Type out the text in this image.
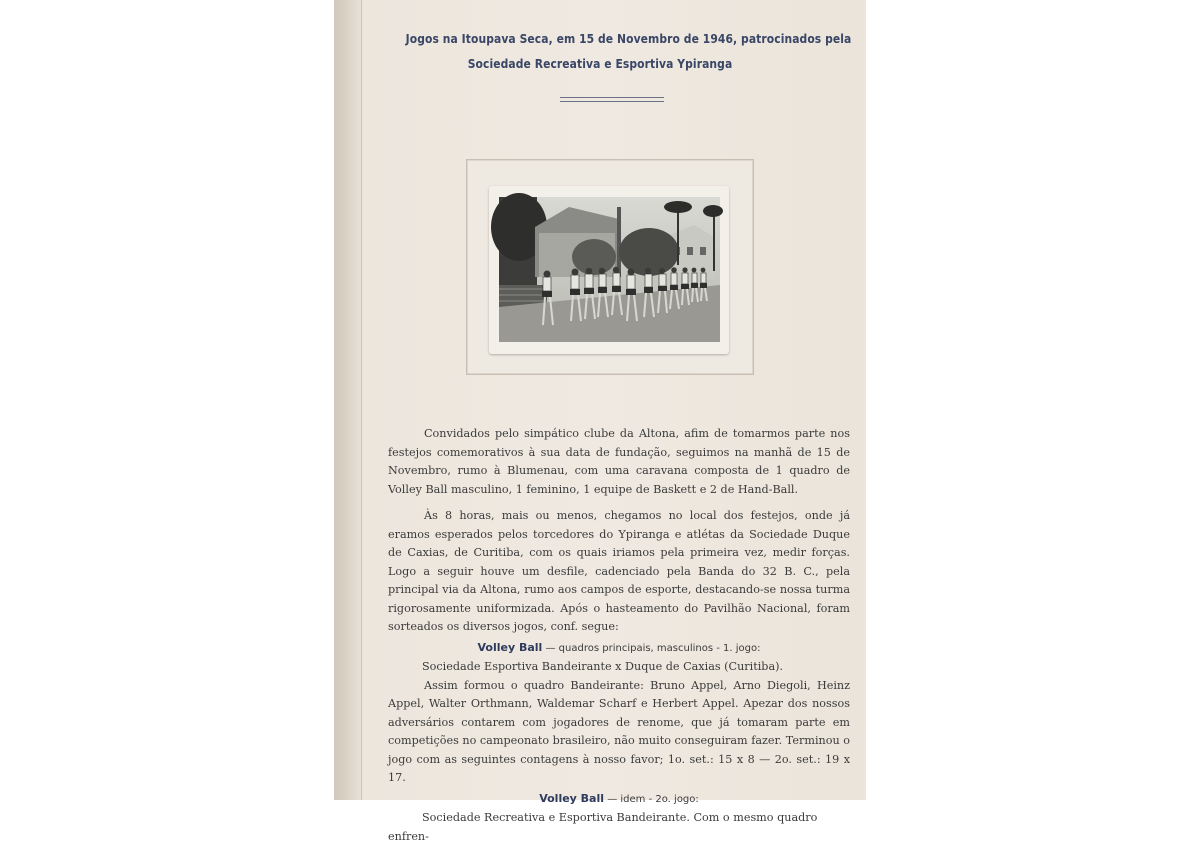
Jogos na Itoupava Seca, em 15 de Novembro de 1946, patrocinados pela
Sociedade Recreativa e Esportiva Ypiranga

Convidados pelo simpático clube da Altona, afim de tomarmos parte nos festejos comemorativos à sua data de fundação, seguimos na manhã de 15 de Novembro, rumo à Blumenau, com uma caravana composta de 1 quadro de Volley Ball masculino, 1 feminino, 1 equipe de Baskett e 2 de Hand-Ball.

Às 8 horas, mais ou menos, chegamos no local dos festejos, onde já eramos esperados pelos torcedores do Ypiranga e atlétas da Sociedade Duque de Caxias, de Curitiba, com os quais iriamos pela primeira vez, medir forças. Logo a seguir houve um desfile, cadenciado pela Banda do 32 B. C., pela principal via da Altona, rumo aos campos de esporte, destacando-se nossa turma rigorosamente uniformizada. Após o hasteamento do Pavilhão Nacional, foram sorteados os diversos jogos, conf. segue:

Volley Ball — quadros principais, masculinos - 1. jogo:

Sociedade Esportiva Bandeirante x Duque de Caxias (Curitiba).

Assim formou o quadro Bandeirante: Bruno Appel, Arno Diegoli, Heinz Appel, Walter Orthmann, Waldemar Scharf e Herbert Appel. Apezar dos nossos adversários contarem com jogadores de renome, que já tomaram parte em competições no campeonato brasileiro, não muito conseguiram fazer. Terminou o jogo com as seguintes contagens à nosso favor; 1o. set.: 15 x 8 — 2o. set.: 19 x 17.

Volley Ball — idem - 2o. jogo:

Sociedade Recreativa e Esportiva Bandeirante. Com o mesmo quadro enfren-
